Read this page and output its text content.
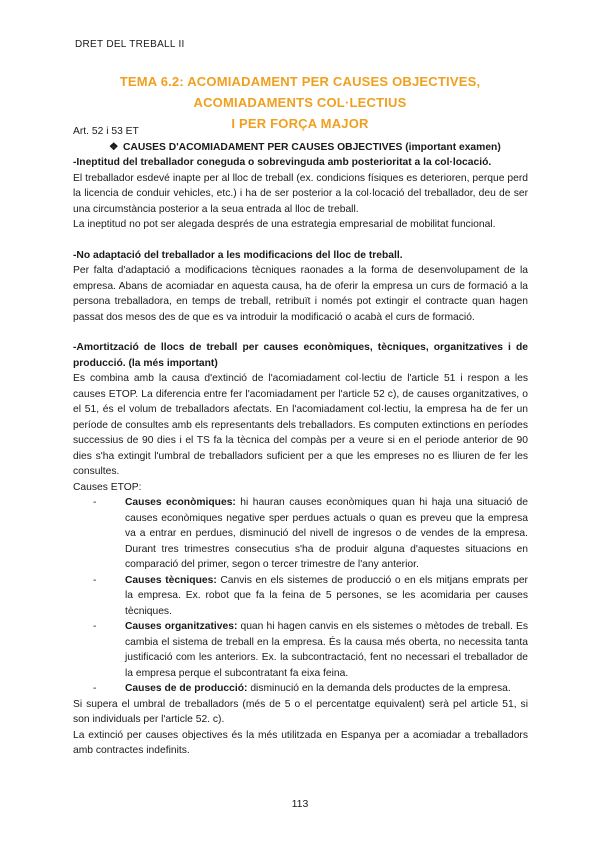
DRET DEL TREBALL II
TEMA 6.2: ACOMIADAMENT PER CAUSES OBJECTIVES, ACOMIADAMENTS COL·LECTIUS
I PER FORÇA MAJOR

Art. 52 i 53 ET

❖ CAUSES D'ACOMIADAMENT PER CAUSES OBJECTIVES (important examen)

-Ineptitud del treballador coneguda o sobrevinguda amb posterioritat a la col·locació.

El treballador esdevé inapte per al lloc de treball (ex. condicions físiques es deterioren, perque perd la licencia de conduir vehicles, etc.) i ha de ser posterior a la col·locació del treballador, deu de ser una circumstància posterior a la seua entrada al lloc de treball.

La ineptitud no pot ser alegada després de una estrategia empresarial de mobilitat funcional.

-No adaptació del treballador a les modificacions del lloc de treball.

Per falta d'adaptació a modificacions tècniques raonades a la forma de desenvolupament de la empresa. Abans de acomiadar en aquesta causa, ha de oferir la empresa un curs de formació a la persona treballadora, en temps de treball, retribuït i només pot extingir el contracte quan hagen passat dos mesos des de que es va introduir la modificació o acabà el curs de formació.

-Amortització de llocs de treball per causes econòmiques, tècniques, organitzatives i de producció. (la més important)

Es combina amb la causa d'extinció de l'acomiadament col·lectiu de l'article 51 i respon a les causes ETOP. La diferencia entre fer l'acomiadament per l'article 52 c), de causes organitzatives, o el 51, és el volum de treballadors afectats. En l'acomiadament col·lectiu, la empresa ha de fer un període de consultes amb els representants dels treballadors. Es computen extinctions en períodes successius de 90 dies i el TS fa la tècnica del compàs per a veure si en el periode anterior de 90 dies s'ha extingit l'umbral de treballadors suficient per a que les empreses no es lliuren de fer les consultes.

Causes ETOP:

-	Causes econòmiques: hi hauran causes econòmiques quan hi haja una situació de causes econòmiques negative sper perdues actuals o quan es preveu que la empresa va a entrar en perdues, disminució del nivell de ingresos o de vendes de la empresa. Durant tres trimestres consecutius s'ha de produir alguna d'aquestes situacions en comparació del primer, segon o tercer trimestre de l'any anterior.
-	Causes tècniques: Canvis en els sistemes de producció o en els mitjans emprats per la empresa. Ex. robot que fa la feina de 5 persones, se les acomidaria per causes tècniques.
-	Causes organitzatives: quan hi hagen canvis en els sistemes o mètodes de treball. Es cambia el sistema de treball en la empresa. És la causa més oberta, no necessita tanta justificació com les anteriors. Ex. la subcontractació, fent no necessari el treballador de la empresa perque el subcontratant fa eixa feina.
-	Causes de de producció: disminució en la demanda dels productes de la empresa.

Si supera el umbral de treballadors (més de 5 o el percentatge equivalent) serà pel article 51, si son individuals per l'article 52. c).

La extinció per causes objectives és la més utilitzada en Espanya per a acomiadar a treballadors amb contractes indefinits.

113
